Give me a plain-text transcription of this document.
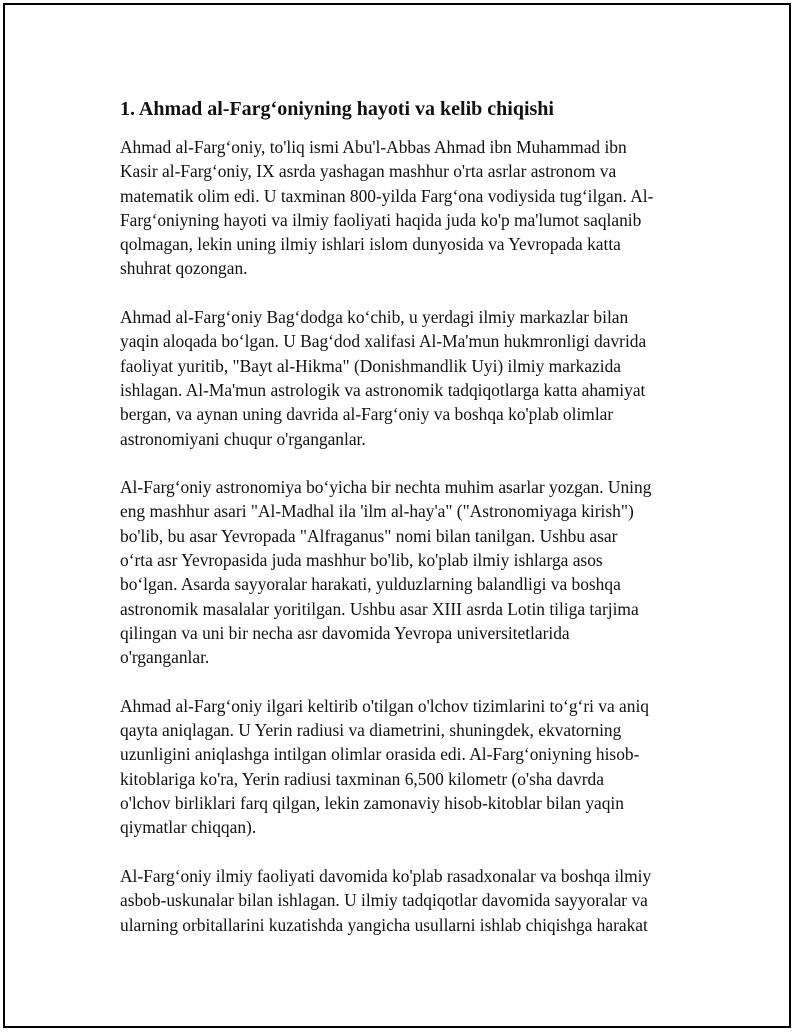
1. Ahmad al-Farg‘oniyning hayoti va kelib chiqishi

Ahmad al-Farg‘oniy, to'liq ismi Abu'l-Abbas Ahmad ibn Muhammad ibn
Kasir al-Farg‘oniy, IX asrda yashagan mashhur o'rta asrlar astronom va
matematik olim edi. U taxminan 800-yilda Farg‘ona vodiysida tug‘ilgan. Al-
Farg‘oniyning hayoti va ilmiy faoliyati haqida juda ko'p ma'lumot saqlanib
qolmagan, lekin uning ilmiy ishlari islom dunyosida va Yevropada katta
shuhrat qozongan.

Ahmad al-Farg‘oniy Bag‘dodga ko‘chib, u yerdagi ilmiy markazlar bilan
yaqin aloqada bo‘lgan. U Bag‘dod xalifasi Al-Ma'mun hukmronligi davrida
faoliyat yuritib, "Bayt al-Hikma" (Donishmandlik Uyi) ilmiy markazida
ishlagan. Al-Ma'mun astrologik va astronomik tadqiqotlarga katta ahamiyat
bergan, va aynan uning davrida al-Farg‘oniy va boshqa ko'plab olimlar
astronomiyani chuqur o'rganganlar.

Al-Farg‘oniy astronomiya bo‘yicha bir nechta muhim asarlar yozgan. Uning
eng mashhur asari "Al-Madhal ila 'ilm al-hay'a" ("Astronomiyaga kirish")
bo'lib, bu asar Yevropada "Alfraganus" nomi bilan tanilgan. Ushbu asar
o‘rta asr Yevropasida juda mashhur bo'lib, ko'plab ilmiy ishlarga asos
bo‘lgan. Asarda sayyoralar harakati, yulduzlarning balandligi va boshqa
astronomik masalalar yoritilgan. Ushbu asar XIII asrda Lotin tiliga tarjima
qilingan va uni bir necha asr davomida Yevropa universitetlarida
o'rganganlar.

Ahmad al-Farg‘oniy ilgari keltirib o'tilgan o'lchov tizimlarini to‘g‘ri va aniq
qayta aniqlagan. U Yerin radiusi va diametrini, shuningdek, ekvatorning
uzunligini aniqlashga intilgan olimlar orasida edi. Al-Farg‘oniyning hisob-
kitoblariga ko'ra, Yerin radiusi taxminan 6,500 kilometr (o'sha davrda
o'lchov birliklari farq qilgan, lekin zamonaviy hisob-kitoblar bilan yaqin
qiymatlar chiqqan).

Al-Farg‘oniy ilmiy faoliyati davomida ko'plab rasadxonalar va boshqa ilmiy
asbob-uskunalar bilan ishlagan. U ilmiy tadqiqotlar davomida sayyoralar va
ularning orbitallarini kuzatishda yangicha usullarni ishlab chiqishga harakat
